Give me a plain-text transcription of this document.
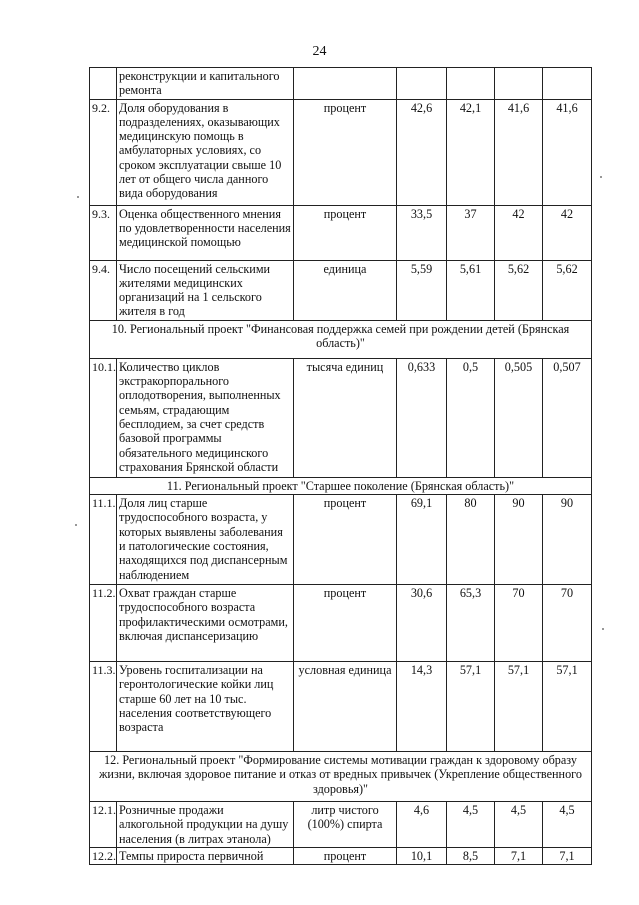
24
	реконструкции и капитального ремонта					
9.2.	Доля оборудования в подразделениях, оказывающих медицинскую помощь в амбулаторных условиях, со сроком эксплуатации свыше 10 лет от общего числа данного вида оборудования	процент	42,6	42,1	41,6	41,6
9.3.	Оценка общественного мнения по удовлетворенности населения медицинской помощью	процент	33,5	37	42	42
9.4.	Число посещений сельскими жителями медицинских организаций на 1 сельского жителя в год	единица	5,59	5,61	5,62	5,62
10. Региональный проект "Финансовая поддержка семей при рождении детей (Брянская область)"						
10.1.	Количество циклов экстракорпорального оплодотворения, выполненных семьям, страдающим бесплодием, за счет средств базовой программы обязательного медицинского страхования Брянской области	тысяча единиц	0,633	0,5	0,505	0,507
11. Региональный проект "Старшее поколение (Брянская область)"						
11.1.	Доля лиц старше трудоспособного возраста, у которых выявлены заболевания и патологические состояния, находящихся под диспансерным наблюдением	процент	69,1	80	90	90
11.2.	Охват граждан старше трудоспособного возраста профилактическими осмотрами, включая диспансеризацию	процент	30,6	65,3	70	70
11.3.	Уровень госпитализации на геронтологические койки лиц старше 60 лет на 10 тыс. населения соответствующего возраста	условная единица	14,3	57,1	57,1	57,1
12. Региональный проект "Формирование системы мотивации граждан к здоровому образу жизни, включая здоровое питание и отказ от вредных привычек (Укрепление общественного здоровья)"						
12.1.	Розничные продажи алкогольной продукции на душу населения (в литрах этанола)	литр чистого (100%) спирта	4,6	4,5	4,5	4,5
12.2.	Темпы прироста первичной	процент	10,1	8,5	7,1	7,1
